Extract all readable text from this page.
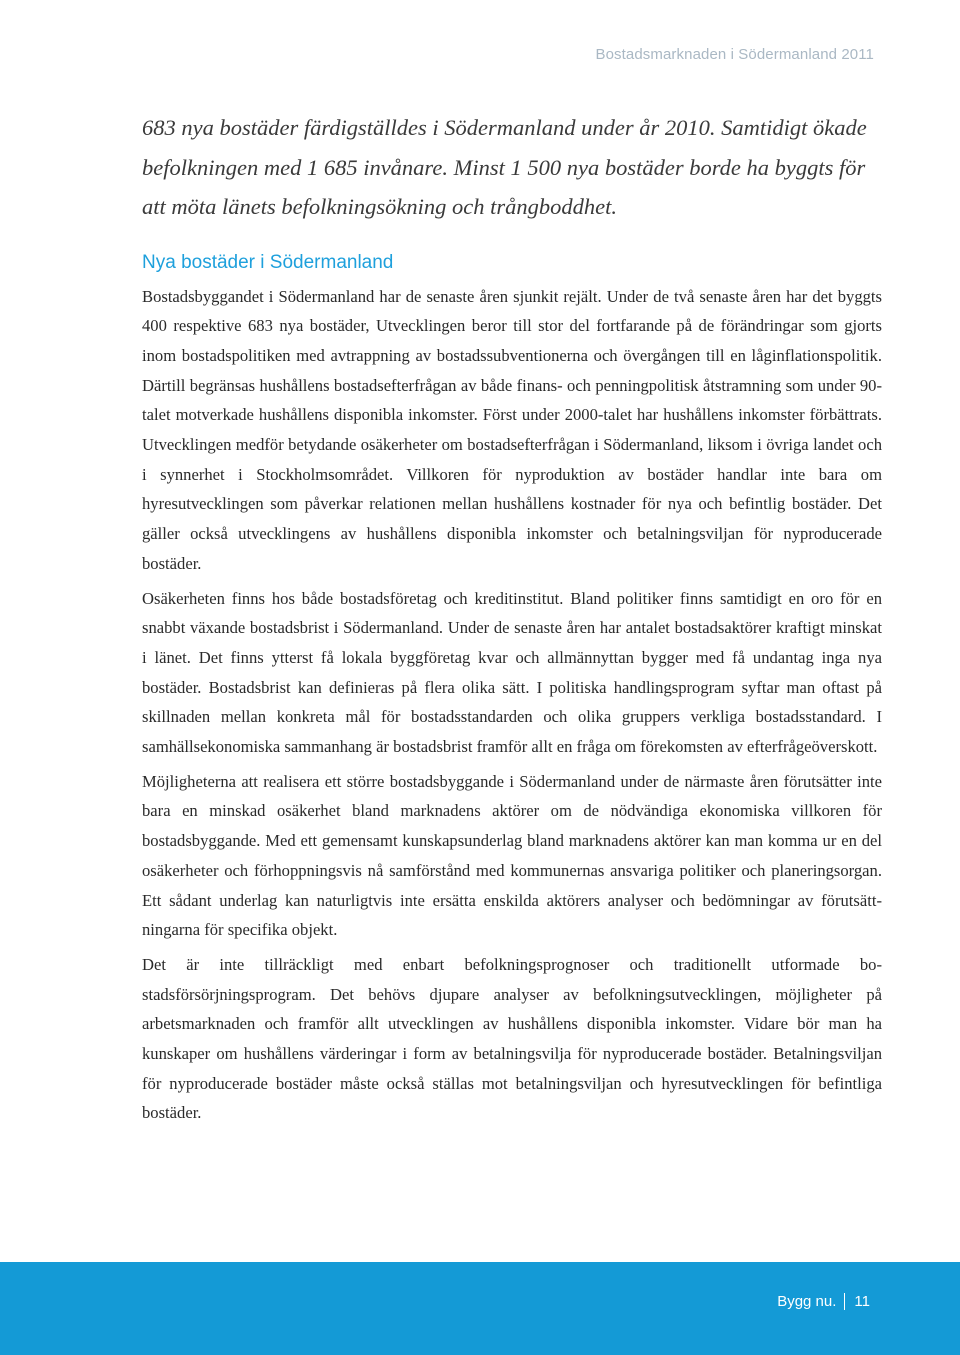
Bostadsmarknaden i Södermanland 2011

683 nya bostäder färdigställdes i Södermanland under år 2010. Samtidigt ökade befolkningen med 1 685 invånare. Minst 1 500 nya bostäder borde ha byggts för att möta länets befolkningsökning och trångboddhet.

Nya bostäder i Södermanland

Bostadsbyggandet i Södermanland har de senaste åren sjunkit rejält. Under de två senaste åren har det byggts 400 respektive 683 nya bostäder, Utvecklingen beror till stor del fortfarande på de förändringar som gjorts inom bostadspolitiken med avtrappning av bostadssubventionerna och övergången till en låginflationspolitik. Därtill begränsas hushållens bostadsefterfrågan av både finans- och penningpolitisk åtstramning som under 90-talet motverkade hushållens disponibla inkomster. Först under 2000-talet har hushållens inkomster förbättrats. Utvecklingen medför betydande osäkerheter om bostadsefterfrågan i Södermanland, liksom i övriga landet och i synnerhet i Stockholmsområdet. Villkoren för nyproduktion av bostäder handlar inte bara om hyresutvecklingen som påverkar relationen mellan hushållens kostnader för nya och befintlig bostäder. Det gäller också utvecklingens av hushållens disponibla inkomster och betalningsviljan för nyproducerade bostäder.

Osäkerheten finns hos både bostadsföretag och kreditinstitut. Bland politiker finns samtidigt en oro för en snabbt växande bostadsbrist i Södermanland. Under de senaste åren har antalet bostadsaktörer kraftigt minskat i länet. Det finns ytterst få lokala byggföretag kvar och allmännyttan bygger med få undantag inga nya bostäder. Bostadsbrist kan definieras på flera olika sätt. I politiska handlingsprogram syftar man oftast på skillnaden mellan konkreta mål för bostadsstandarden och olika gruppers verkliga bostadsstandard. I samhällsekonomiska sammanhang är bostadsbrist framför allt en fråga om förekomsten av efterfrågeöverskott.

Möjligheterna att realisera ett större bostadsbyggande i Södermanland under de närmaste åren förutsätter inte bara en minskad osäkerhet bland marknadens aktörer om de nödvändiga ekonomiska villkoren för bostadsbyggande. Med ett gemensamt kunskapsunderlag bland marknadens aktörer kan man komma ur en del osäkerheter och förhoppningsvis nå samförstånd med kommunernas ansvariga politiker och planeringsorgan. Ett sådant underlag kan naturligtvis inte ersätta enskilda aktörers analyser och bedömningar av förutsättningarna för specifika objekt.

Det är inte tillräckligt med enbart befolkningsprognoser och traditionellt utformade bostadsförsörjningsprogram. Det behövs djupare analyser av befolkningsutvecklingen, möjligheter på arbetsmarknaden och framför allt utvecklingen av hushållens disponibla inkomster. Vidare bör man ha kunskaper om hushållens värderingar i form av betalningsvilja för nyproducerade bostäder. Betalningsviljan för nyproducerade bostäder måste också ställas mot betalningsviljan och hyresutvecklingen för befintliga bostäder.

Bygg nu. 11
